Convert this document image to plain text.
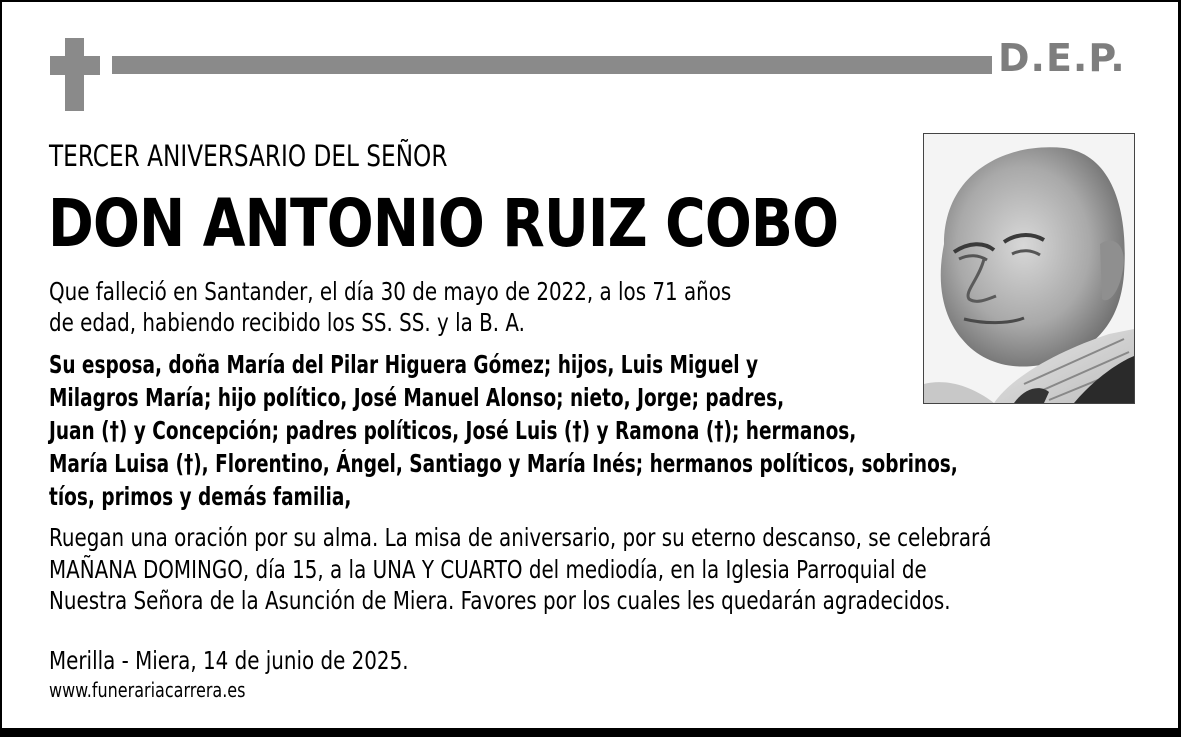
D.E.P.
TERCER ANIVERSARIO DEL SEÑOR
DON ANTONIO RUIZ COBO
Que falleció en Santander, el día 30 de mayo de 2022, a los 71 años
de edad, habiendo recibido los SS. SS. y la B. A.
Su esposa, doña María del Pilar Higuera Gómez; hijos, Luis Miguel y
Milagros María; hijo político, José Manuel Alonso; nieto, Jorge; padres,
Juan (†) y Concepción; padres políticos, José Luis (†) y Ramona (†); hermanos,
María Luisa (†), Florentino, Ángel, Santiago y María Inés; hermanos políticos, sobrinos,
tíos, primos y demás familia,
Ruegan una oración por su alma. La misa de aniversario, por su eterno descanso, se celebrará
MAÑANA DOMINGO, día 15, a la UNA Y CUARTO del mediodía, en la Iglesia Parroquial de
Nuestra Señora de la Asunción de Miera. Favores por los cuales les quedarán agradecidos.
Merilla - Miera, 14 de junio de 2025.
www.funerariacarrera.es
